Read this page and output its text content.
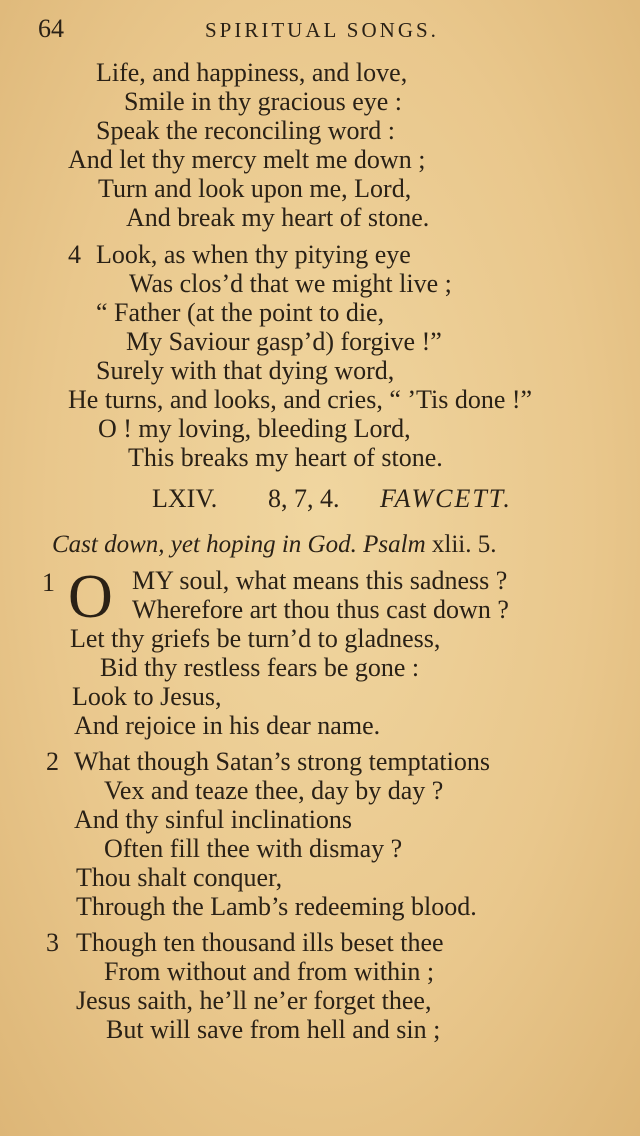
64	SPIRITUAL SONGS.
Life, and happiness, and love,
Smile in thy gracious eye :
Speak the reconciling word :
And let thy mercy melt me down ;
Turn and look upon me, Lord,
And break my heart of stone.
4 Look, as when thy pitying eye
Was clos’d that we might live ;
“ Father (at the point to die,
My Saviour gasp’d) forgive !”
Surely with that dying word,
He turns, and looks, and cries, “ ’Tis done !”
O ! my loving, bleeding Lord,
This breaks my heart of stone.
LXIV. 8, 7, 4. FAWCETT.
Cast down, yet hoping in God. Psalm xlii. 5.
1 O MY soul, what means this sadness ?
Wherefore art thou thus cast down ?
Let thy griefs be turn’d to gladness,
Bid thy restless fears be gone :
Look to Jesus,
And rejoice in his dear name.
2 What though Satan’s strong temptations
Vex and teaze thee, day by day ?
And thy sinful inclinations
Often fill thee with dismay ?
Thou shalt conquer,
Through the Lamb’s redeeming blood.
3 Though ten thousand ills beset thee
From without and from within ;
Jesus saith, he’ll ne’er forget thee,
But will save from hell and sin ;
